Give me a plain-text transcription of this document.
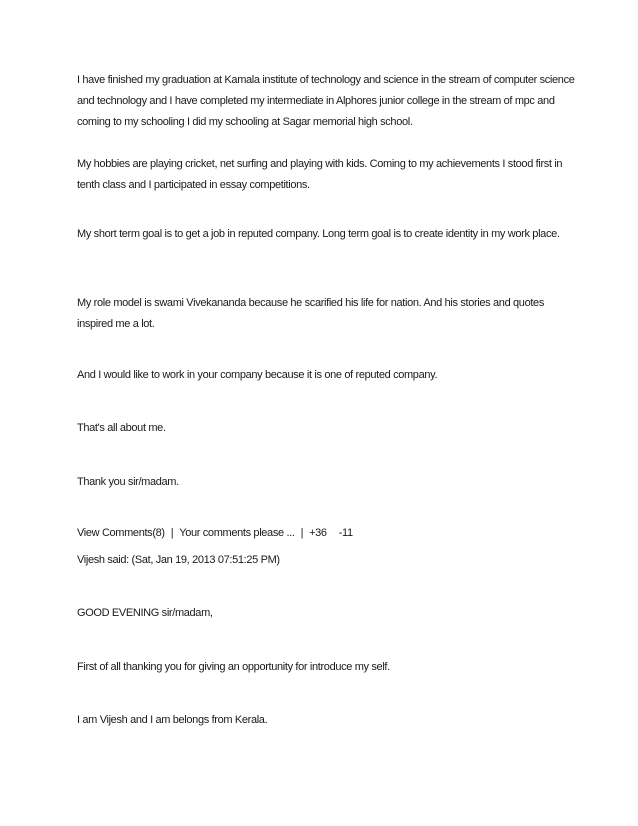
I have finished my graduation at Kamala institute of technology and science in the stream of computer science and technology and I have completed my intermediate in Alphores junior college in the stream of mpc and coming to my schooling I did my schooling at Sagar memorial high school.

My hobbies are playing cricket, net surfing and playing with kids. Coming to my achievements I stood first in tenth class and I participated in essay competitions.

My short term goal is to get a job in reputed company. Long term goal is to create identity in my work place.

My role model is swami Vivekananda because he scarified his life for nation. And his stories and quotes inspired me a lot.

And I would like to work in your company because it is one of reputed company.

That's all about me.

Thank you sir/madam.

View Comments(8) | Your comments please ... | +36 -11

Vijesh said: (Sat, Jan 19, 2013 07:51:25 PM)

GOOD EVENING sir/madam,

First of all thanking you for giving an opportunity for introduce my self.

I am Vijesh and I am belongs from Kerala.
